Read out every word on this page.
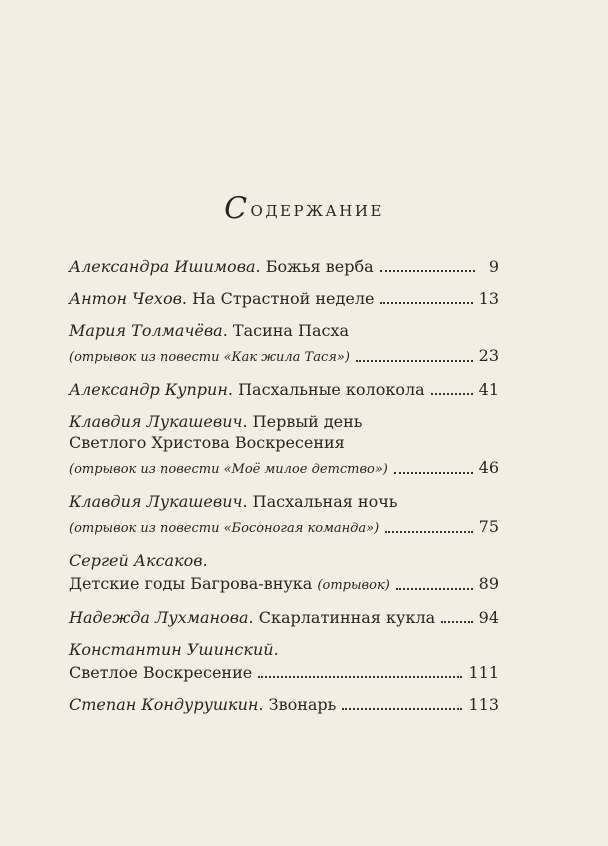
Содержание
Александра Ишимова .
Божья верба	9
Антон Чехов .
На Страстной неделе	13
Мария Толмачёва .
Тасина Пасха
(отрывок из повести «Как жила Тася»)	23
Александр Куприн .
Пасхальные колокола	41
Клавдия Лукашевич .
Первый день
Светлого Христова Воскресения
(отрывок из повести «Моё милое детство»)	46
Клавдия Лукашевич .
Пасхальная ночь
(отрывок из повести «Босоногая команда»)	75
Сергей Аксаков .
Детские годы Багрова-внука
(отрывок)	89
Надежда Лухманова .
Скарлатинная кукла	94
Константин Ушинский .
Светлое Воскресение	111
Степан Кондурушкин .
Звонарь	113
